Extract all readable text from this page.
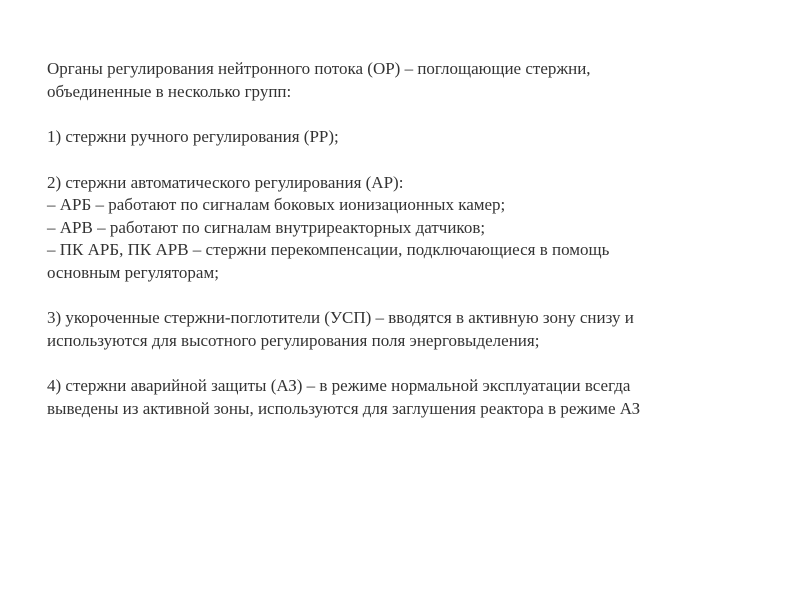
Органы регулирования нейтронного потока (ОР) – поглощающие стержни,
объединенные в несколько групп:

1) стержни ручного регулирования (РР);

2) стержни автоматического регулирования (АР):
– АРБ – работают по сигналам боковых ионизационных камер;
– АРВ – работают по сигналам внутриреакторных датчиков;
– ПК АРБ, ПК АРВ – стержни перекомпенсации, подключающиеся в помощь
основным регуляторам;

3) укороченные стержни-поглотители (УСП) – вводятся в активную зону снизу и
используются для высотного регулирования поля энерговыделения;

4) стержни аварийной защиты (АЗ) – в режиме нормальной эксплуатации всегда
выведены из активной зоны, используются для заглушения реактора в режиме АЗ
